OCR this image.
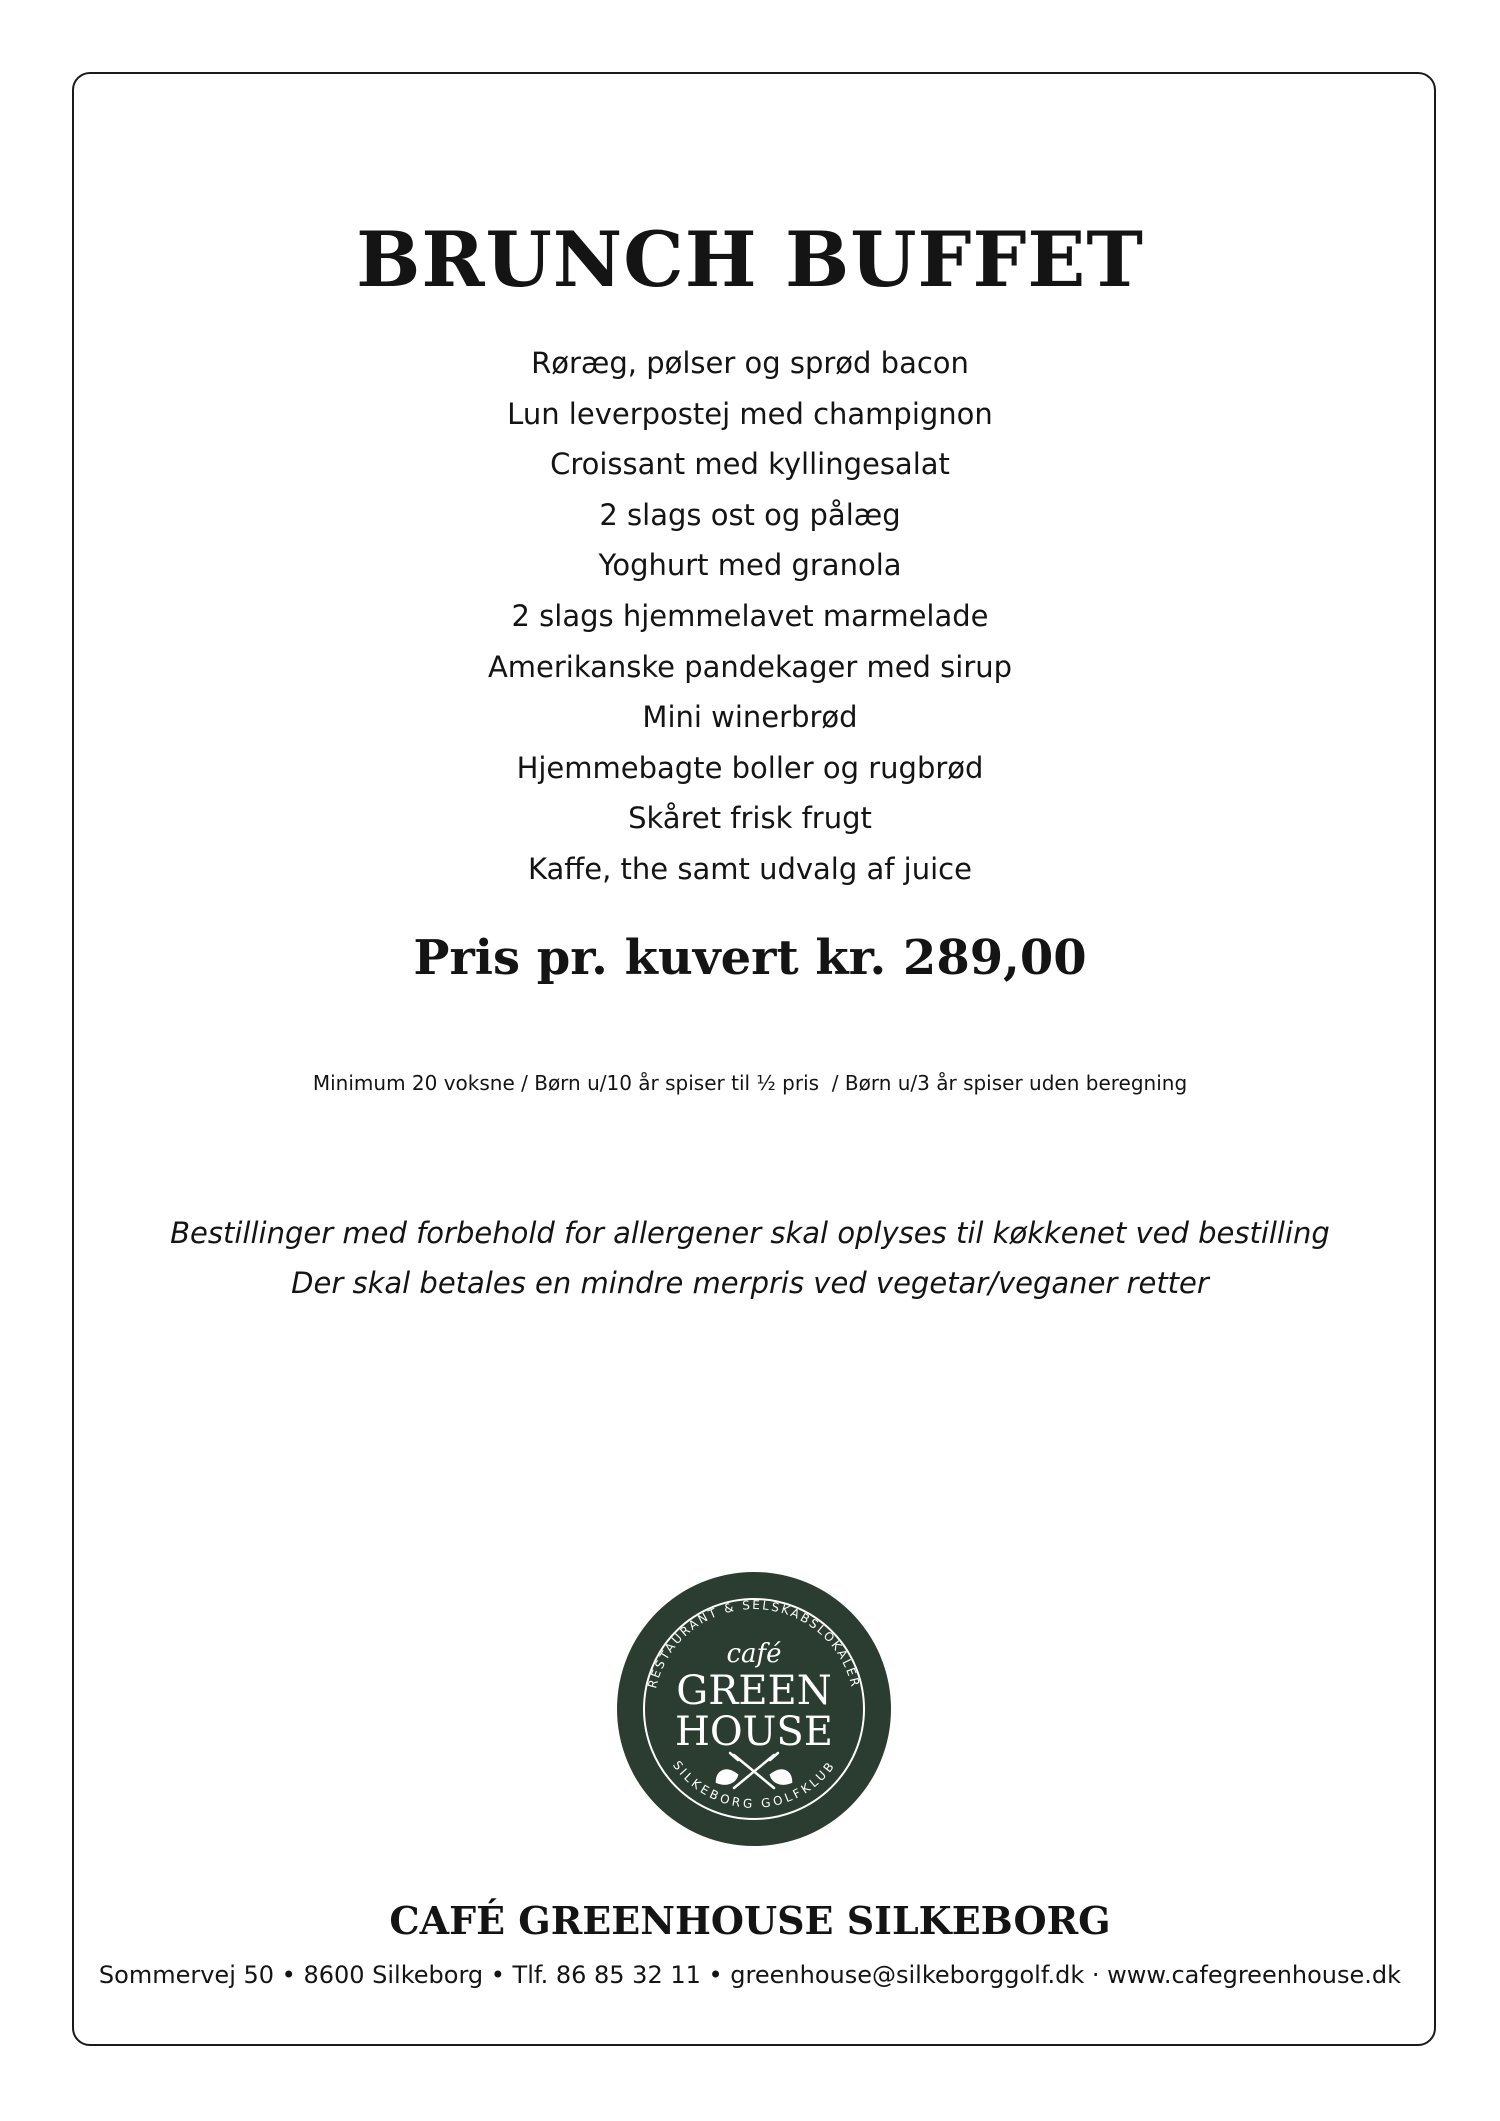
BRUNCH BUFFET
Røræg, pølser og sprød bacon
Lun leverpostej med champignon
Croissant med kyllingesalat
2 slags ost og pålæg
Yoghurt med granola
2 slags hjemmelavet marmelade
Amerikanske pandekager med sirup
Mini winerbrød
Hjemmebagte boller og rugbrød
Skåret frisk frugt
Kaffe, the samt udvalg af juice
Pris pr. kuvert kr. 289,00
Minimum 20 voksne / Børn u/10 år spiser til ½ pris  / Børn u/3 år spiser uden beregning
Bestillinger med forbehold for allergener skal oplyses til køkkenet ved bestilling
Der skal betales en mindre merpris ved vegetar/veganer retter
RESTAURANT & SELSKABSLOKALER
SILKEBORG GOLFKLUB
café
GREEN
HOUSE
CAFÉ GREENHOUSE SILKEBORG
Sommervej 50 • 8600 Silkeborg • Tlf. 86 85 32 11 • greenhouse@silkeborggolf.dk · www.cafegreenhouse.dk
